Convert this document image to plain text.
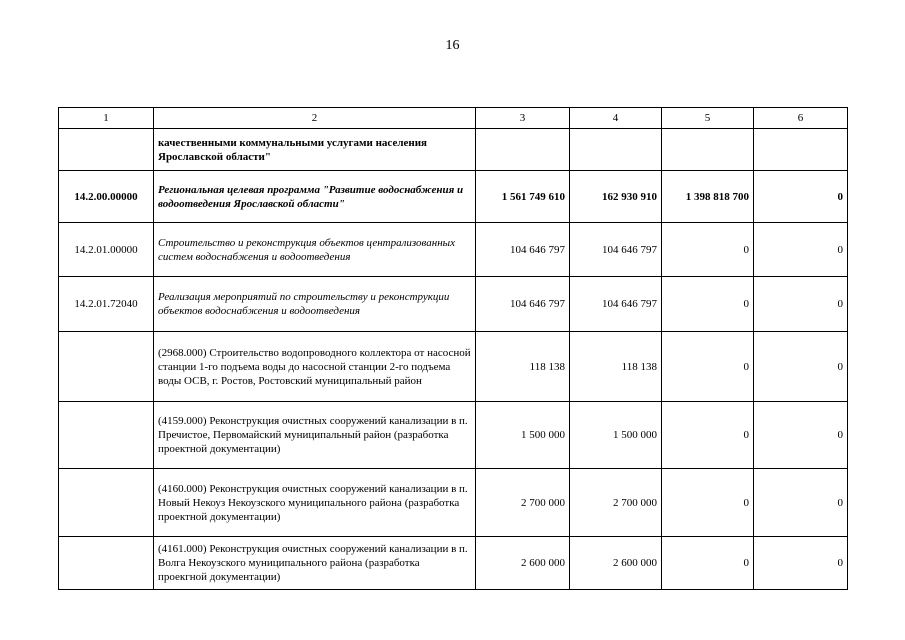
16
1	2	3	4	5	6
	качественными коммунальными услугами населения Ярославской области"				
14.2.00.00000	Региональная целевая программа "Развитие водоснабжения и водоотведения Ярославской области"	1 561 749 610	162 930 910	1 398 818 700	0
14.2.01.00000	Строительство и реконструкция объектов централизованных систем водоснабжения и водоотведения	104 646 797	104 646 797	0	0
14.2.01.72040	Реализация мероприятий по строительству и реконструкции объектов водоснабжения и водоотведения	104 646 797	104 646 797	0	0
	(2968.000) Строительство водопроводного коллектора от насосной станции 1-го подъема воды до насосной станции 2-го подъема воды ОСВ, г. Ростов, Ростовский муниципальный район	118 138	118 138	0	0
	(4159.000) Реконструкция очистных сооружений канализации в п. Пречистое, Первомайский муниципальный район (разработка проектной документации)	1 500 000	1 500 000	0	0
	(4160.000) Реконструкция очистных сооружений канализации в п. Новый Некоуз Некоузского муниципального района (разработка проектной документации)	2 700 000	2 700 000	0	0
	(4161.000) Реконструкция очистных сооружений канализации в п. Волга Некоузского муниципального района (разработка проекгной документации)	2 600 000	2 600 000	0	0
